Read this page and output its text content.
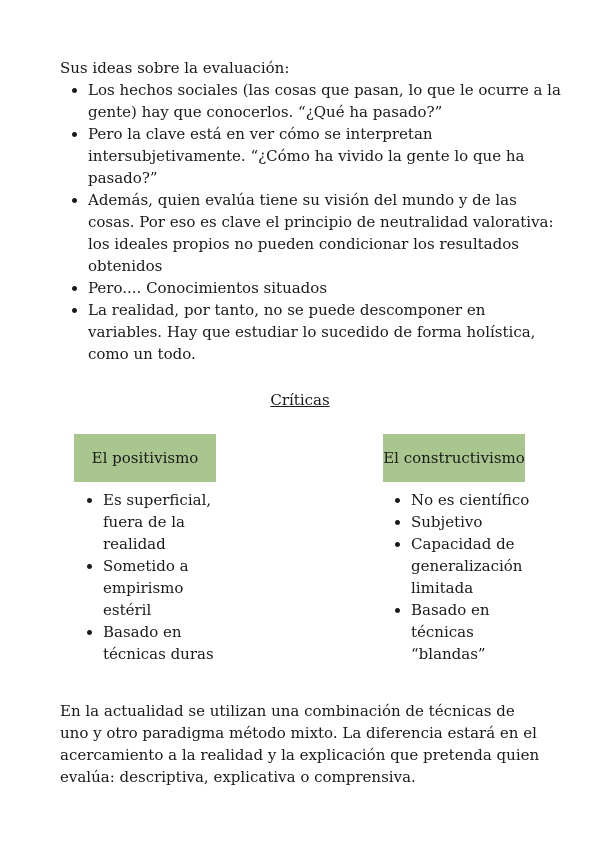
Sus ideas sobre la evaluación:
• Los hechos sociales (las cosas que pasan, lo que le ocurre a la gente) hay que conocerlos. “¿Qué ha pasado?”
• Pero la clave está en ver cómo se interpretan intersubjetivamente. “¿Cómo ha vivido la gente lo que ha pasado?”
• Además, quien evalúa tiene su visión del mundo y de las cosas. Por eso es clave el principio de neutralidad valorativa: los ideales propios no pueden condicionar los resultados obtenidos
• Pero.... Conocimientos situados
• La realidad, por tanto, no se puede descomponer en variables. Hay que estudiar lo sucedido de forma holística, como un todo.
Críticas
El positivismo	El constructivismo
• Es superficial, fuera de la realidad
• Sometido a empirismo estéril
• Basado en técnicas duras
• No es científico
• Subjetivo
• Capacidad de generalización limitada
• Basado en técnicas “blandas”
En la actualidad se utilizan una combinación de técnicas de uno y otro paradigma método mixto. La diferencia estará en el acercamiento a la realidad y la explicación que pretenda quien evalúa: descriptiva, explicativa o comprensiva.
